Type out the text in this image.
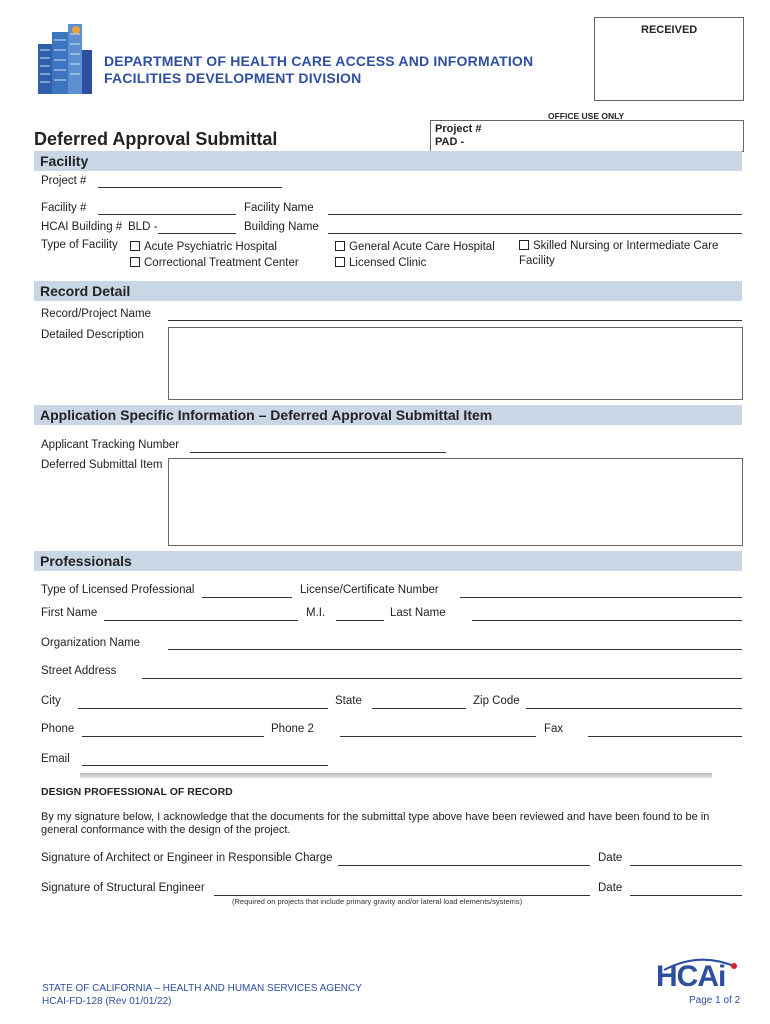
DEPARTMENT OF HEALTH CARE ACCESS AND INFORMATION
FACILITIES DEVELOPMENT DIVISION
RECEIVED
OFFICE USE ONLY
Project #
PAD -
Deferred Approval Submittal
Facility
Project #
Facility #	Facility Name
HCAI Building # BLD -	Building Name
Type of Facility	Acute Psychiatric Hospital
Correctional Treatment Center
General Acute Care Hospital
Licensed Clinic
Skilled Nursing or Intermediate Care
Facility
Record Detail
Record/Project Name
Detailed Description
Application Specific Information – Deferred Approval Submittal Item
Applicant Tracking Number
Deferred Submittal Item
Professionals
Type of Licensed Professional	License/Certificate Number
First Name	M.I.	Last Name
Organization Name
Street Address
City	State	Zip Code
Phone	Phone 2	Fax
Email
DESIGN PROFESSIONAL OF RECORD
By my signature below, I acknowledge that the documents for the submittal type above have been reviewed and have been found to be in
general conformance with the design of the project.
Signature of Architect or Engineer in Responsible Charge	Date
Signature of Structural Engineer	Date
(Required on projects that include primary gravity and/or lateral load elements/systems)
STATE OF CALIFORNIA – HEALTH AND HUMAN SERVICES AGENCY
HCAI-FD-128 (Rev 01/01/22)
HCAi
Page 1 of 2
